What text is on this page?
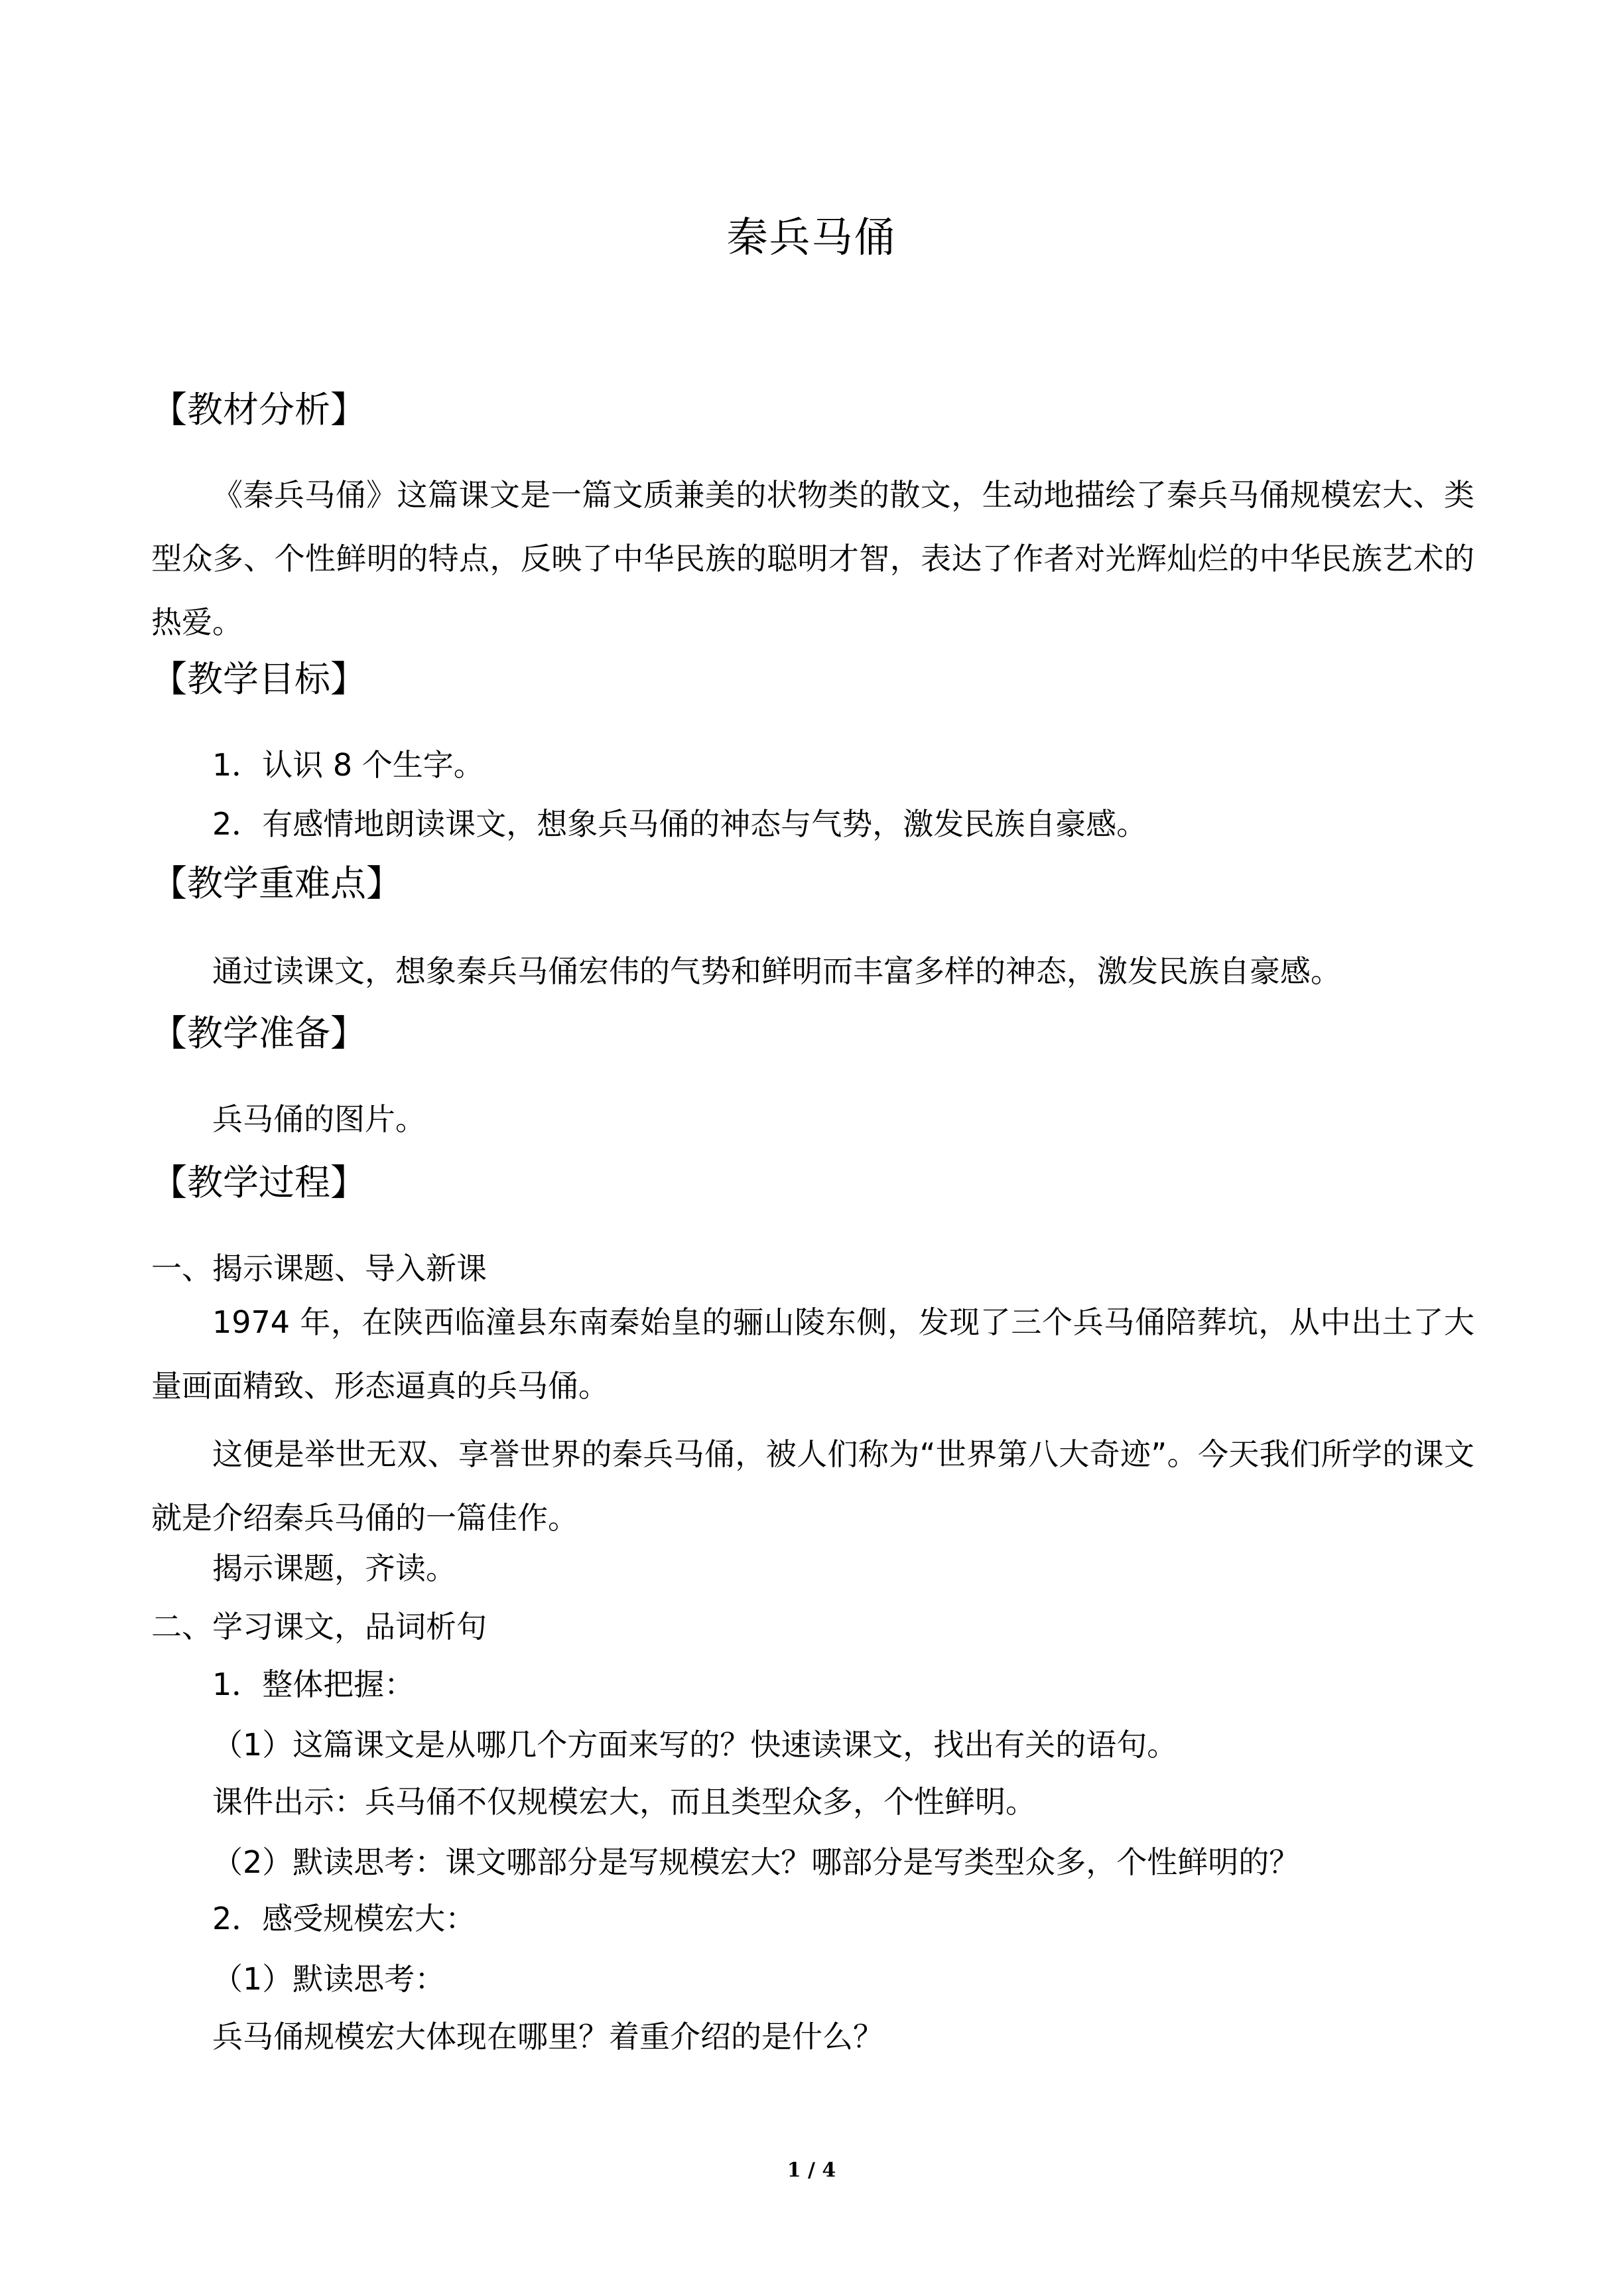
秦兵马俑
【教材分析】
《秦兵马俑》这篇课文是一篇文质兼美的状物类的散文，生动地描绘了秦兵马俑规模宏大、类型众多、个性鲜明的特点，反映了中华民族的聪明才智，表达了作者对光辉灿烂的中华民族艺术的热爱。
【教学目标】
1．认识 8 个生字。
2．有感情地朗读课文，想象兵马俑的神态与气势，激发民族自豪感。
【教学重难点】
通过读课文，想象秦兵马俑宏伟的气势和鲜明而丰富多样的神态，激发民族自豪感。
【教学准备】
兵马俑的图片。
【教学过程】
一、揭示课题、导入新课
1974 年，在陕西临潼县东南秦始皇的骊山陵东侧，发现了三个兵马俑陪葬坑，从中出土了大量画面精致、形态逼真的兵马俑。
这便是举世无双、享誉世界的秦兵马俑，被人们称为“世界第八大奇迹”。今天我们所学的课文就是介绍秦兵马俑的一篇佳作。
揭示课题，齐读。
二、学习课文，品词析句
1．整体把握：
（1）这篇课文是从哪几个方面来写的？快速读课文，找出有关的语句。
课件出示：兵马俑不仅规模宏大，而且类型众多，个性鲜明。
（2）默读思考：课文哪部分是写规模宏大？哪部分是写类型众多，个性鲜明的？
2．感受规模宏大：
（1）默读思考：
兵马俑规模宏大体现在哪里？着重介绍的是什么？
1 / 4
